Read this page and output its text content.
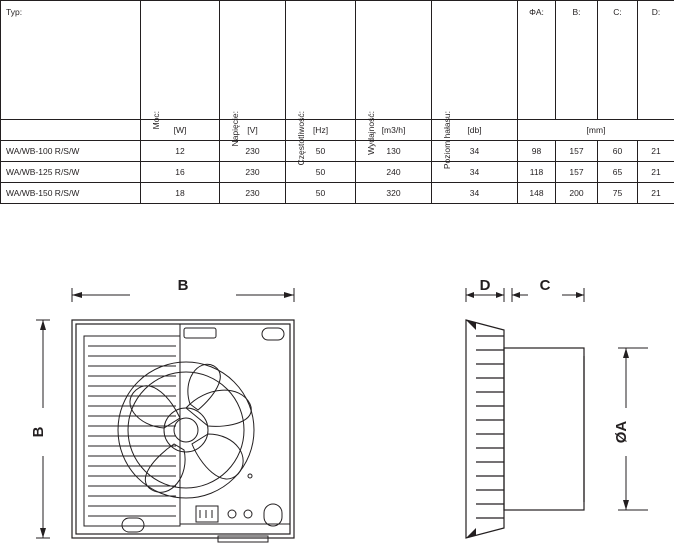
Typ:	Moc:	Napięcie:	Częstotliwość:	Wydajność:	Poziom hałasu:	ΦA:	B:	C:	D:

	[W]	[V]	[Hz]	[m3/h]	[db]	[mm]			
WA/WB-100 R/S/W	12	230	50	130	34	98	157	60	21
WA/WB-125 R/S/W	16	230	50	240	34	118	157	65	21
WA/WB-150 R/S/W	18	230	50	320	34	148	200	75	21
B
B
D	C
ØA
